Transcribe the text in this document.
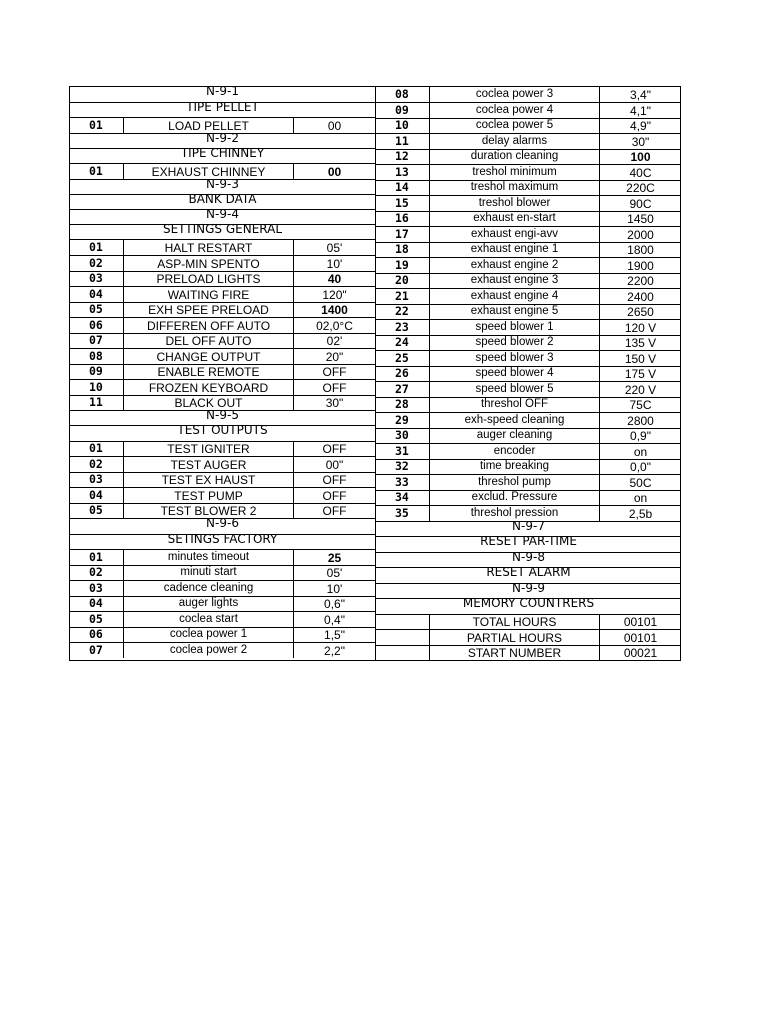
N-9-1
TIPE PELLET
01	LOAD PELLET	00
N-9-2
TIPE CHINNEY
01	EXHAUST CHINNEY	00
N-9-3
BANK DATA
N-9-4
SETTINGS GENERAL
01	HALT RESTART	05'
02	ASP-MIN SPENTO	10'
03	PRELOAD LIGHTS	40
04	WAITING FIRE	120"
05	EXH SPEE PRELOAD	1400
06	DIFFEREN OFF AUTO	02,0°C
07	DEL OFF AUTO	02'
08	CHANGE OUTPUT	20"
09	ENABLE REMOTE	OFF
10	FROZEN KEYBOARD	OFF
11	BLACK OUT	30"
N-9-5
TEST OUTPUTS
01	TEST IGNITER	OFF
02	TEST AUGER	00"
03	TEST EX HAUST	OFF
04	TEST PUMP	OFF
05	TEST BLOWER 2	OFF
N-9-6
SETINGS FACTORY
01	minutes timeout	25
02	minuti start	05'
03	cadence cleaning	10'
04	auger lights	0,6"
05	coclea start	0,4"
06	coclea power 1	1,5"
07	coclea power 2	2,2"
08	coclea power 3	3,4"
09	coclea power 4	4,1"
10	coclea power 5	4,9"
11	delay alarms	30"
12	duration cleaning	100
13	treshol minimum	40C
14	treshol maximum	220C
15	treshol blower	90C
16	exhaust en-start	1450
17	exhaust engi-avv	2000
18	exhaust engine 1	1800
19	exhaust engine 2	1900
20	exhaust engine 3	2200
21	exhaust engine 4	2400
22	exhaust engine 5	2650
23	speed blower 1	120 V
24	speed blower 2	135 V
25	speed blower 3	150 V
26	speed blower 4	175 V
27	speed blower 5	220 V
28	threshol OFF	75C
29	exh-speed cleaning	2800
30	auger cleaning	0,9"
31	encoder	on
32	time breaking	0,0"
33	threshol pump	50C
34	exclud. Pressure	on
35	threshol pression	2,5b
N-9-7
RESET PAR-TIME
N-9-8
RESET ALARM
N-9-9
MEMORY COUNTRERS
TOTAL HOURS	00101
PARTIAL HOURS	00101
START NUMBER	00021
